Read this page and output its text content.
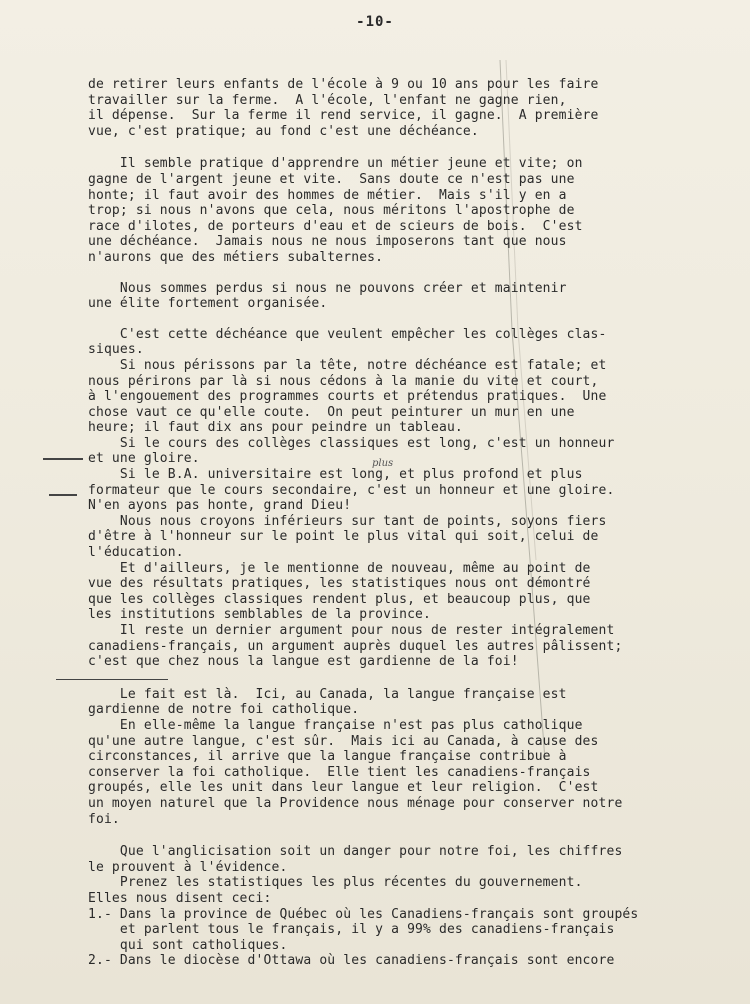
-10-
plus
de retirer leurs enfants de l'école à 9 ou 10 ans pour les faire
travailler sur la ferme.  A l'école, l'enfant ne gagne rien,
il dépense.  Sur la ferme il rend service, il gagne.  A première
vue, c'est pratique; au fond c'est une déchéance.
Il semble pratique d'apprendre un métier jeune et vite; on
gagne de l'argent jeune et vite.  Sans doute ce n'est pas une
honte; il faut avoir des hommes de métier.  Mais s'il y en a
trop; si nous n'avons que cela, nous méritons l'apostrophe de
race d'ilotes, de porteurs d'eau et de scieurs de bois.  C'est
une déchéance.  Jamais nous ne nous imposerons tant que nous
n'aurons que des métiers subalternes.
Nous sommes perdus si nous ne pouvons créer et maintenir
une élite fortement organisée.
C'est cette déchéance que veulent empêcher les collèges clas-
siques.
Si nous périssons par la tête, notre déchéance est fatale; et
nous périrons par là si nous cédons à la manie du vite et court,
à l'engouement des programmes courts et prétendus pratiques.  Une
chose vaut ce qu'elle coute.  On peut peinturer un mur en une
heure; il faut dix ans pour peindre un tableau.
Si le cours des collèges classiques est long, c'est un honneur
et une gloire.
Si le B.A. universitaire est long, et plus profond et plus
formateur que le cours secondaire, c'est un honneur et une gloire.
N'en ayons pas honte, grand Dieu!
Nous nous croyons inférieurs sur tant de points, soyons fiers
d'être à l'honneur sur le point le plus vital qui soit, celui de
l'éducation.
Et d'ailleurs, je le mentionne de nouveau, même au point de
vue des résultats pratiques, les statistiques nous ont démontré
que les collèges classiques rendent plus, et beaucoup plus, que
les institutions semblables de la province.
Il reste un dernier argument pour nous de rester intégralement
canadiens-français, un argument auprès duquel les autres pâlissent;
c'est que chez nous la langue est gardienne de la foi!
Le fait est là.  Ici, au Canada, la langue française est
gardienne de notre foi catholique.
En elle-même la langue française n'est pas plus catholique
qu'une autre langue, c'est sûr.  Mais ici au Canada, à cause des
circonstances, il arrive que la langue française contribue à
conserver la foi catholique.  Elle tient les canadiens-français
groupés, elle les unit dans leur langue et leur religion.  C'est
un moyen naturel que la Providence nous ménage pour conserver notre
foi.
Que l'anglicisation soit un danger pour notre foi, les chiffres
le prouvent à l'évidence.
Prenez les statistiques les plus récentes du gouvernement.
Elles nous disent ceci:
1.- Dans la province de Québec où les Canadiens-français sont groupés
et parlent tous le français, il y a 99% des canadiens-français
qui sont catholiques.
2.- Dans le diocèse d'Ottawa où les canadiens-français sont encore
